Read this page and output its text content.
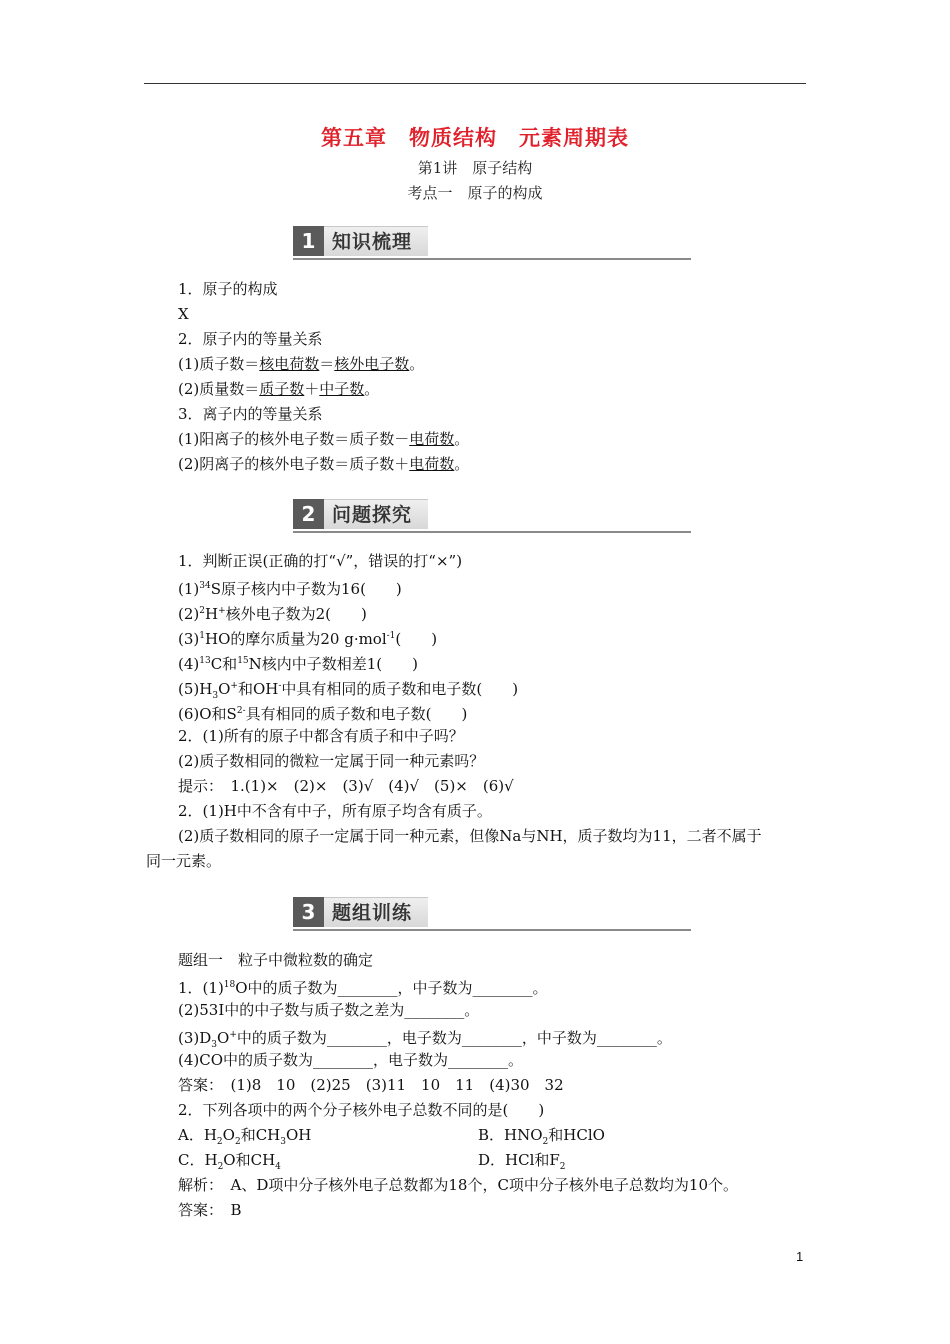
第五章　物质结构　元素周期表
第1讲　原子结构
考点一　原子的构成
1 知识梳理
1．原子的构成
X
2．原子内的等量关系
(1)质子数＝核电荷数＝核外电子数。
(2)质量数＝质子数＋中子数。
3．离子内的等量关系
(1)阳离子的核外电子数＝质子数－电荷数。
(2)阴离子的核外电子数＝质子数＋电荷数。
2 问题探究
1．判断正误(正确的打“√”，错误的打“×”)
$(1)^{34}S$原子核内中子数为16(　　)
$(2)^2H^+$核外电子数为2(　　)
$(3)^1HO$的摩尔质量为20 g·mol$^{-1}$(　　)
$(4)^{13}C$和$^{15}$N核内中子数相差1(　　)
$(5)H_3O^+$和OH-中具有相同的质子数和电子数(　　)
(6)O和$S^{2-}$具有相同的质子数和电子数(　　)
2．(1)所有的原子中都含有质子和中子吗？
(2)质子数相同的微粒一定属于同一种元素吗？
提示：　1.(1)×　(2)×　(3)√　(4)√　(5)×　(6)√
2．(1)H中不含有中子，所有原子均含有质子。
(2)质子数相同的原子一定属于同一种元素，但像Na与NH，质子数均为11，二者不属于
同一元素。
3 题组训练
题组一　粒子中微粒数的确定
1．$(1)^{18}O$中的质子数为________，中子数为________。
(2)53I中的中子数与质子数之差为________。
$(3)D_3O^+$中的质子数为________，电子数为________，中子数为________。
(4)CO中的质子数为________，电子数为________。
答案：　(1)8　10　(2)25　(3)11　10　11　(4)30　32
2．下列各项中的两个分子核外电子总数不同的是(　　)
A．$H_2O_2$和$CH_3OH$	B．$HNO_2$和HClO
C．$H_2O$和$CH_4$	D．HCl和$F_2$
解析：　A、D项中分子核外电子总数都为18个，C项中分子核外电子总数均为10个。
答案：　B
1
